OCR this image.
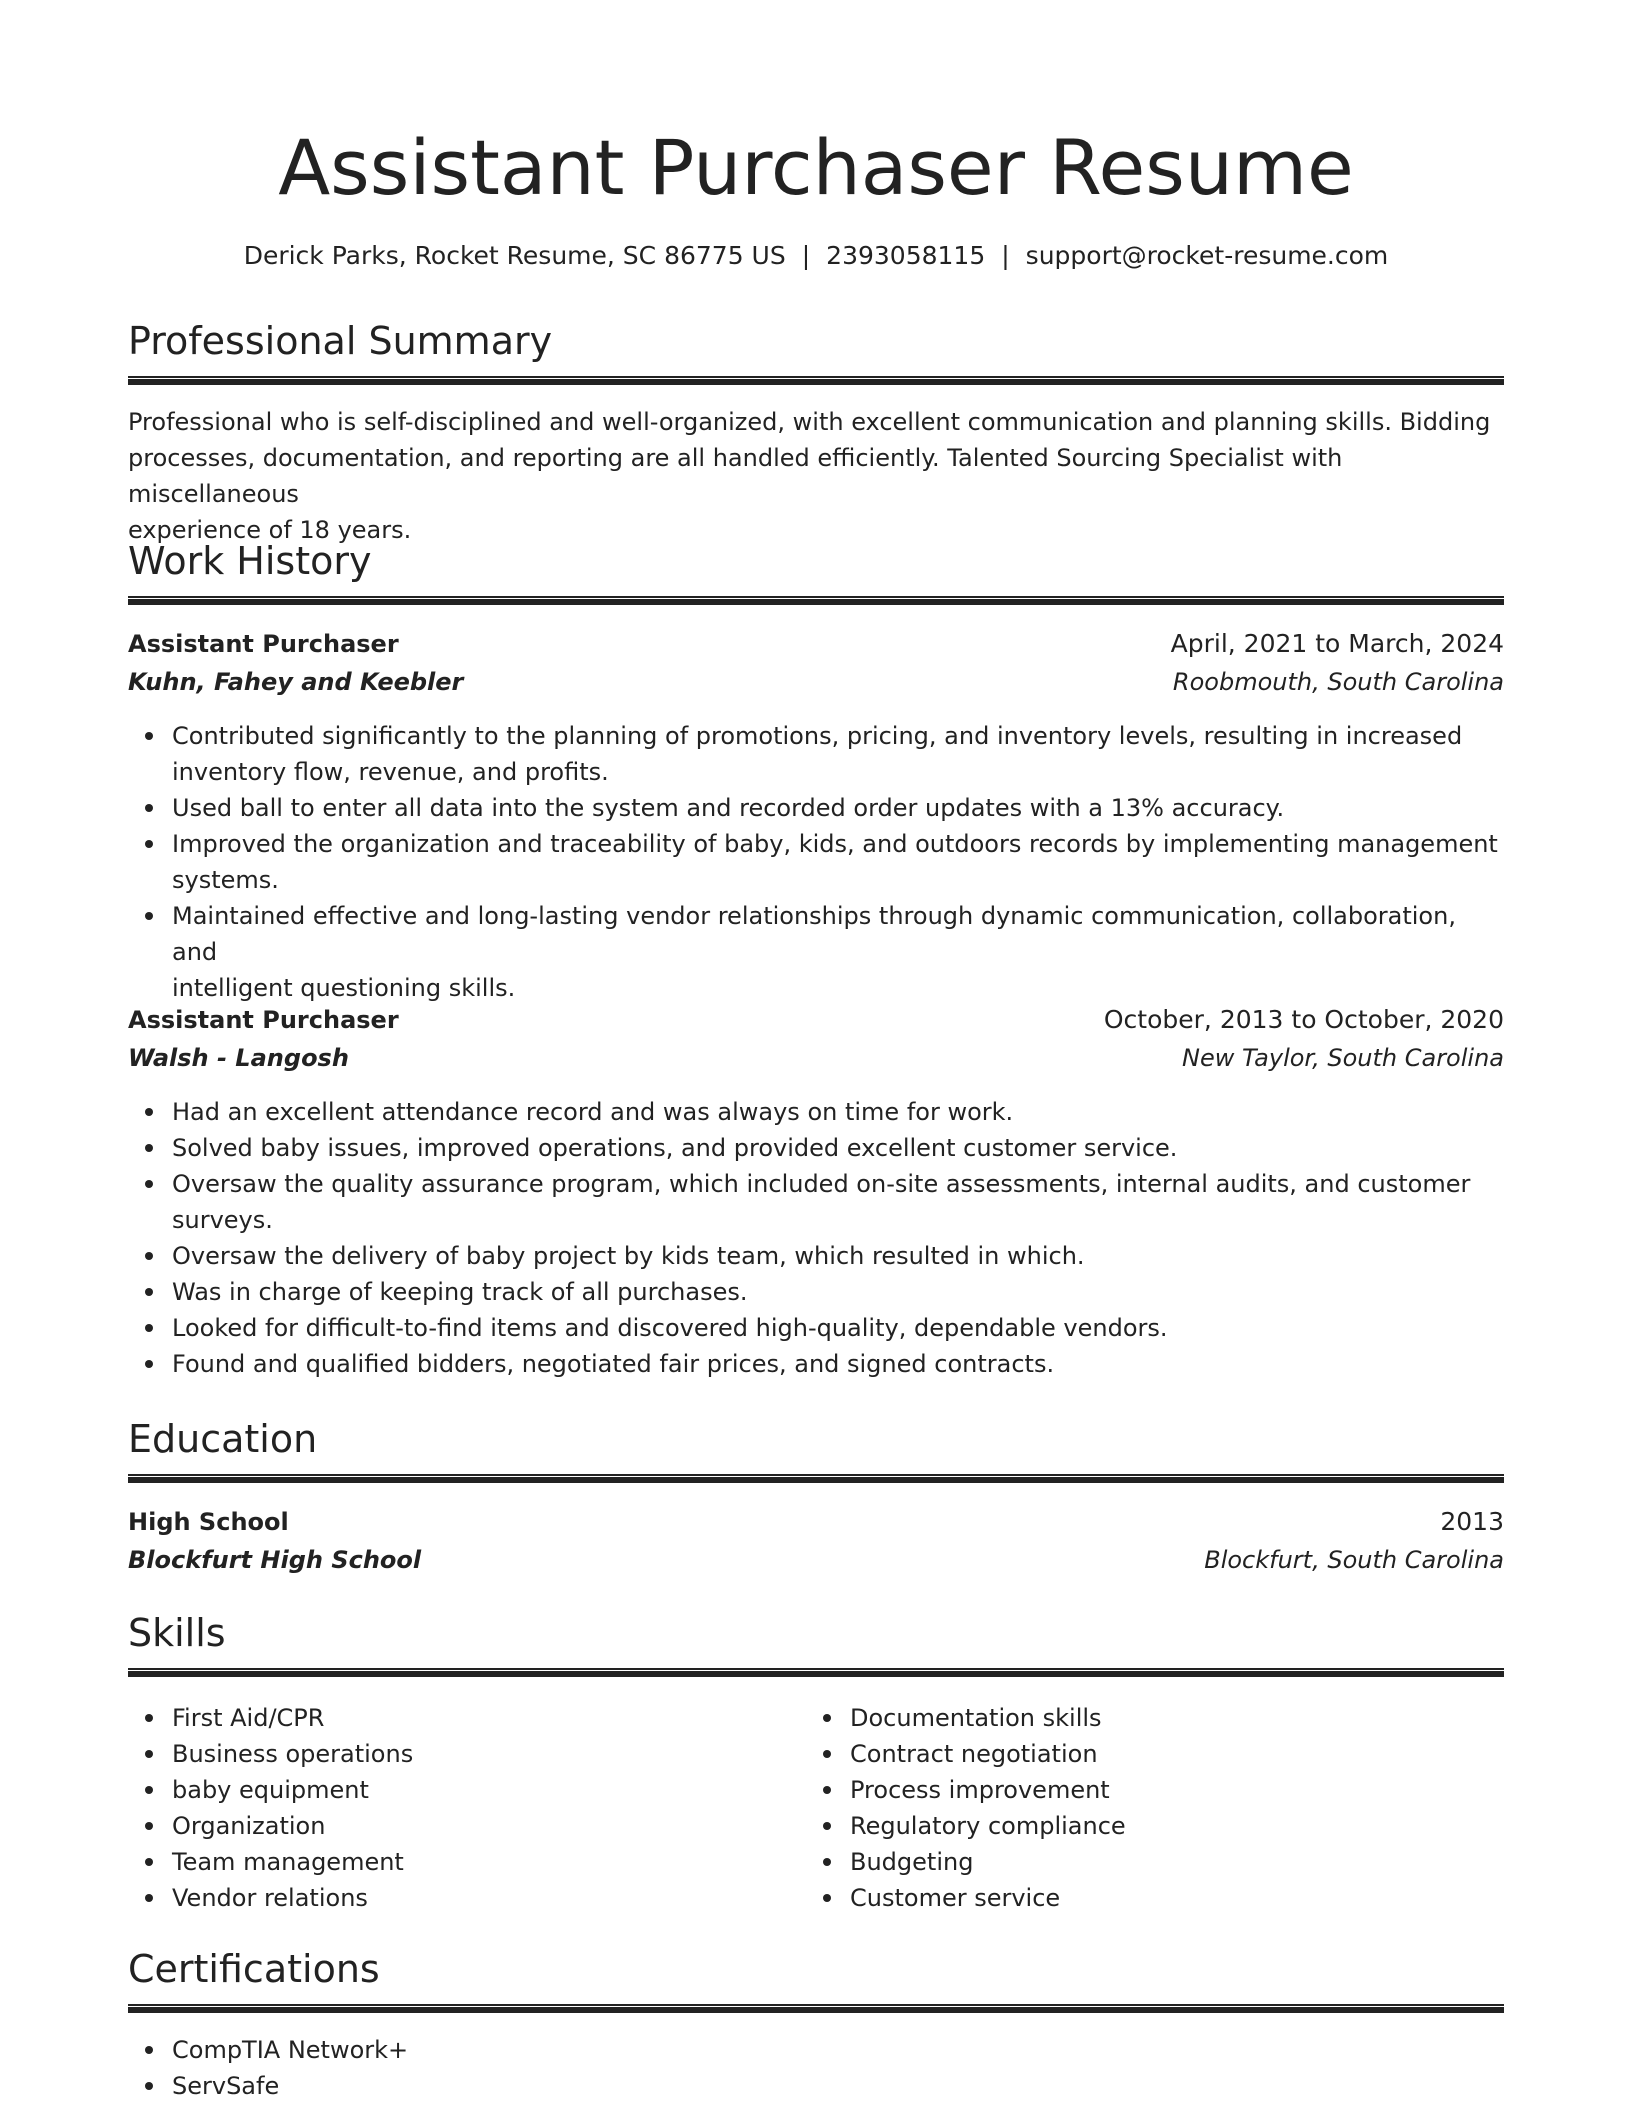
Assistant Purchaser Resume
Derick Parks, Rocket Resume, SC 86775 US | 2393058115 | support@rocket-resume.com
Professional Summary
Professional who is self-disciplined and well-organized, with excellent communication and planning skills. Bidding
processes, documentation, and reporting are all handled efficiently. Talented Sourcing Specialist with miscellaneous
experience of 18 years.
Work History
Assistant Purchaser	April, 2021 to March, 2024
Kuhn, Fahey and Keebler	Roobmouth, South Carolina
Contributed significantly to the planning of promotions, pricing, and inventory levels, resulting in increased
inventory flow, revenue, and profits.
Used ball to enter all data into the system and recorded order updates with a 13% accuracy.
Improved the organization and traceability of baby, kids, and outdoors records by implementing management
systems.
Maintained effective and long-lasting vendor relationships through dynamic communication, collaboration, and
intelligent questioning skills.
Assistant Purchaser	October, 2013 to October, 2020
Walsh - Langosh	New Taylor, South Carolina
Had an excellent attendance record and was always on time for work.
Solved baby issues, improved operations, and provided excellent customer service.
Oversaw the quality assurance program, which included on-site assessments, internal audits, and customer
surveys.
Oversaw the delivery of baby project by kids team, which resulted in which.
Was in charge of keeping track of all purchases.
Looked for difficult-to-find items and discovered high-quality, dependable vendors.
Found and qualified bidders, negotiated fair prices, and signed contracts.
Education
High School	2013
Blockfurt High School	Blockfurt, South Carolina
Skills
First Aid/CPR
Business operations
baby equipment
Organization
Team management
Vendor relations
Documentation skills
Contract negotiation
Process improvement
Regulatory compliance
Budgeting
Customer service
Certifications
CompTIA Network+
ServSafe
